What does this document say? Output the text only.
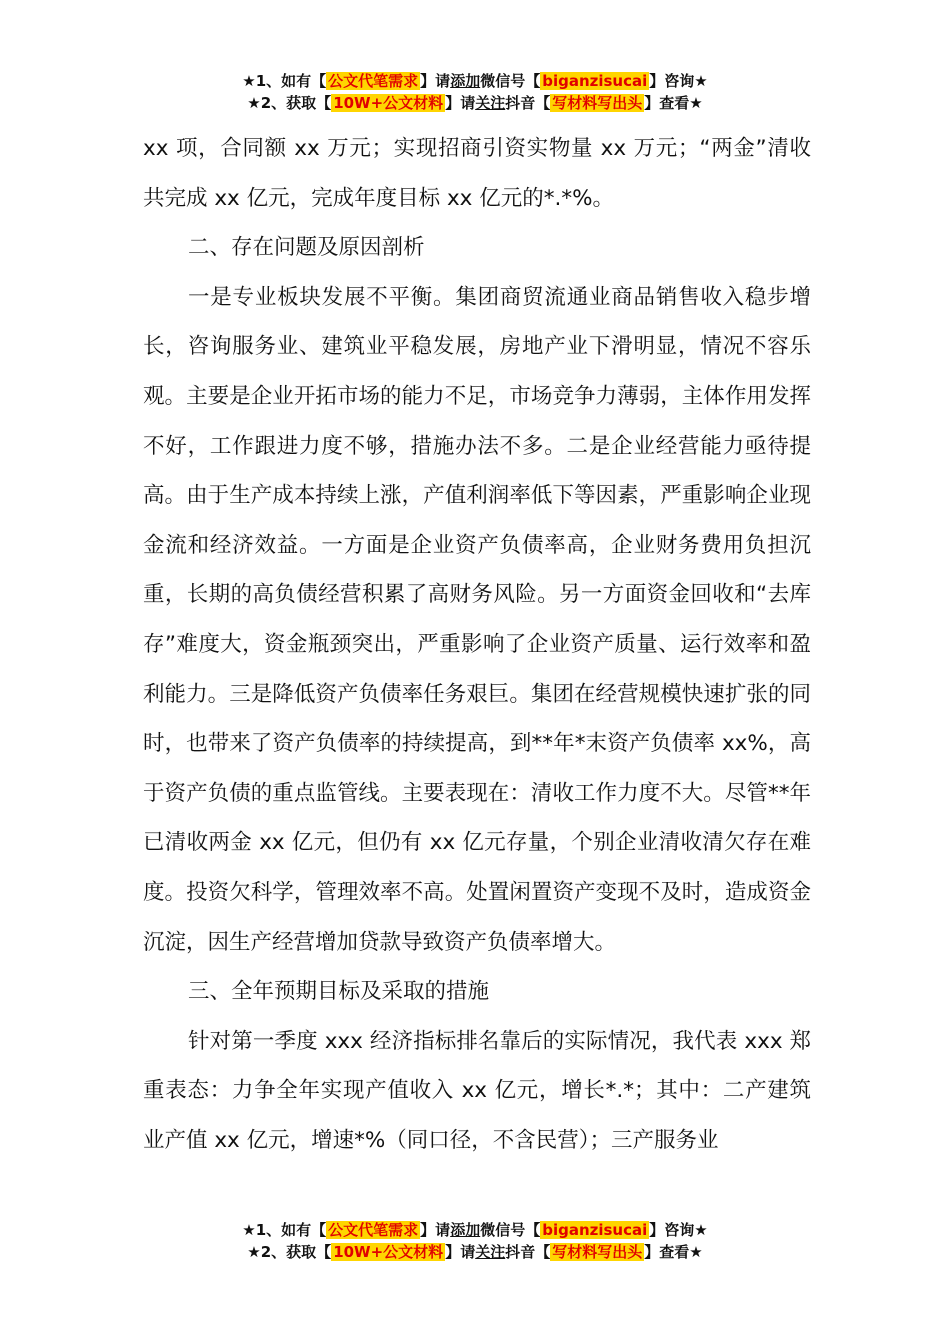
★1、如有【 公文代笔需求 】请添加微信号【 biganzisucai 】咨询★
★2、获取【 10W+公文材料 】请关注抖音【 写材料写出头 】查看★

xx 项，合同额 xx 万元；实现招商引资实物量 xx 万元；“两金”清收共完成 xx 亿元，完成年度目标 xx 亿元的*.*%。

二、存在问题及原因剖析

一是专业板块发展不平衡。集团商贸流通业商品销售收入稳步增长，咨询服务业、建筑业平稳发展，房地产业下滑明显，情况不容乐观。主要是企业开拓市场的能力不足，市场竞争力薄弱，主体作用发挥不好，工作跟进力度不够，措施办法不多。二是企业经营能力亟待提高。由于生产成本持续上涨，产值利润率低下等因素，严重影响企业现金流和经济效益。一方面是企业资产负债率高，企业财务费用负担沉重，长期的高负债经营积累了高财务风险。另一方面资金回收和“去库存”难度大，资金瓶颈突出，严重影响了企业资产质量、运行效率和盈利能力。三是降低资产负债率任务艰巨。集团在经营规模快速扩张的同时，也带来了资产负债率的持续提高，到**年*末资产负债率 xx%，高于资产负债的重点监管线。主要表现在：清收工作力度不大。尽管**年已清收两金 xx 亿元，但仍有 xx 亿元存量，个别企业清收清欠存在难度。投资欠科学，管理效率不高。处置闲置资产变现不及时，造成资金沉淀，因生产经营增加贷款导致资产负债率增大。

三、全年预期目标及采取的措施

针对第一季度 xxx 经济指标排名靠后的实际情况，我代表 xxx 郑重表态：力争全年实现产值收入 xx 亿元，增长*.*；其中：二产建筑业产值 xx 亿元，增速*%（同口径，不含民营）；三产服务业

★1、如有【 公文代笔需求 】请添加微信号【 biganzisucai 】咨询★
★2、获取【 10W+公文材料 】请关注抖音【 写材料写出头 】查看★
